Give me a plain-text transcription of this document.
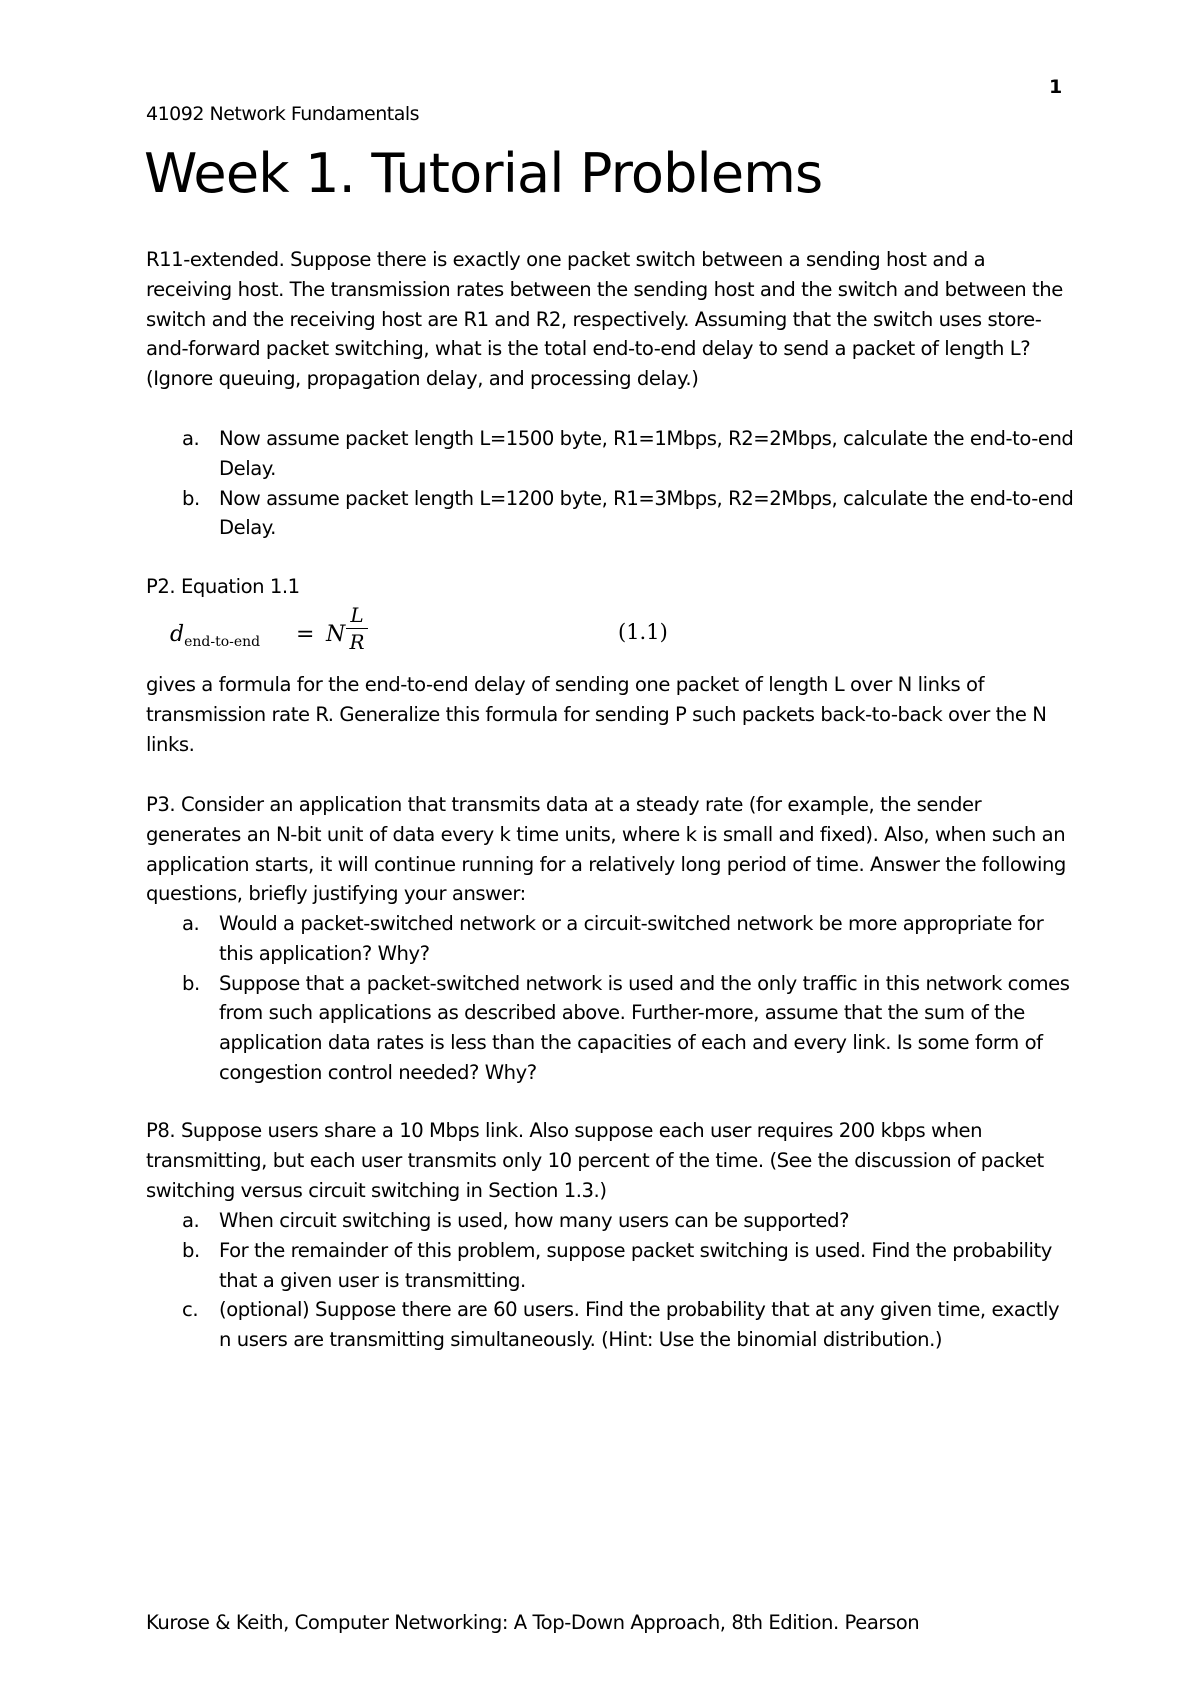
1
41092 Network Fundamentals
Week 1. Tutorial Problems
R11-extended. Suppose there is exactly one packet switch between a sending host and a receiving host. The transmission rates between the sending host and the switch and between the switch and the receiving host are R1 and R2, respectively. Assuming that the switch uses store-and-forward packet switching, what is the total end-to-end delay to send a packet of length L? (Ignore queuing, propagation delay, and processing delay.)
a. Now assume packet length L=1500 byte, R1=1Mbps, R2=2Mbps, calculate the end-to-end Delay.
b. Now assume packet length L=1200 byte, R1=3Mbps, R2=2Mbps, calculate the end-to-end Delay.
P2. Equation 1.1
$d_{end-to-end} = N$
L
R	(1.1)
gives a formula for the end-to-end delay of sending one packet of length L over N links of transmission rate R. Generalize this formula for sending P such packets back-to-back over the N links.
P3. Consider an application that transmits data at a steady rate (for example, the sender generates an N-bit unit of data every k time units, where k is small and fixed). Also, when such an application starts, it will continue running for a relatively long period of time. Answer the following questions, briefly justifying your answer:
a. Would a packet-switched network or a circuit-switched network be more appropriate for this application? Why?
b. Suppose that a packet-switched network is used and the only traffic in this network comes from such applications as described above. Further-more, assume that the sum of the application data rates is less than the capacities of each and every link. Is some form of congestion control needed? Why?
P8. Suppose users share a 10 Mbps link. Also suppose each user requires 200 kbps when transmitting, but each user transmits only 10 percent of the time. (See the discussion of packet switching versus circuit switching in Section 1.3.)
a. When circuit switching is used, how many users can be supported?
b. For the remainder of this problem, suppose packet switching is used. Find the probability that a given user is transmitting.
c. (optional) Suppose there are 60 users. Find the probability that at any given time, exactly n users are transmitting simultaneously. (Hint: Use the binomial distribution.)
Kurose & Keith, Computer Networking: A Top-Down Approach, 8th Edition. Pearson
